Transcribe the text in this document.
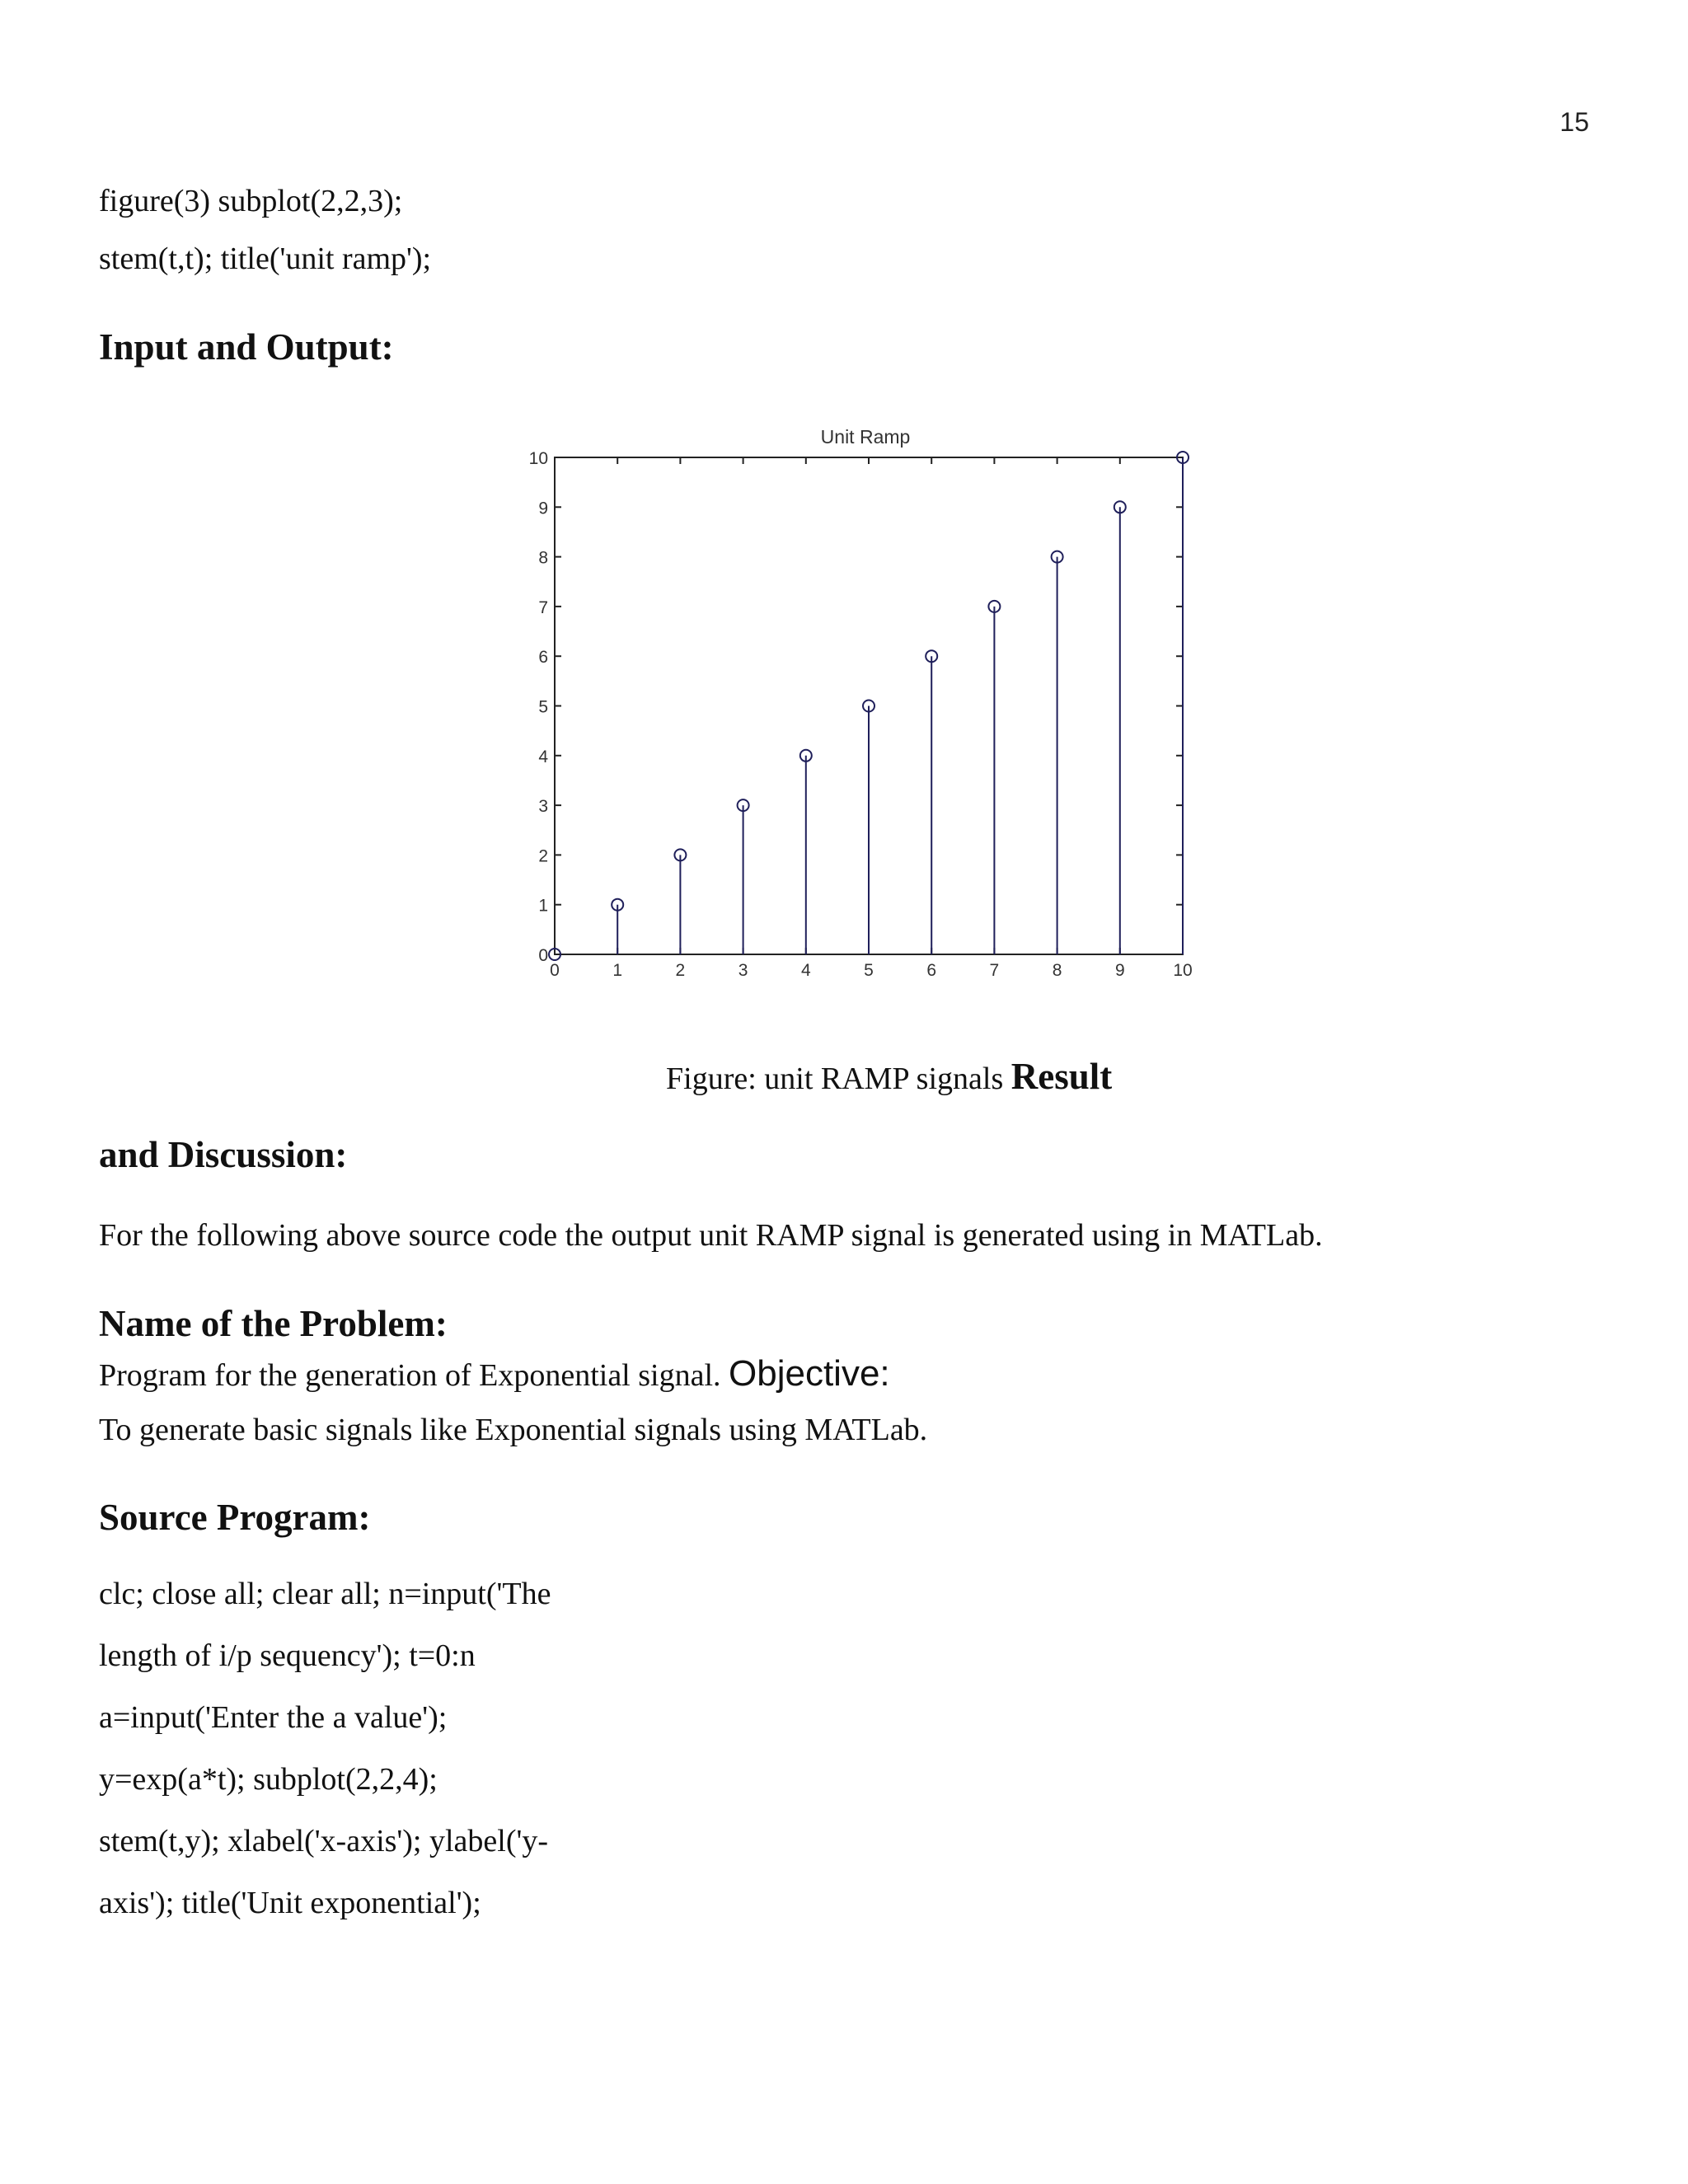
15
figure(3) subplot(2,2,3);
stem(t,t); title('unit ramp');
Input and Output:
Unit Ramp
0	1	2	3	4	5	6	7	8	9	10
0
1
2
3
4
5
6
7
8
9
10
Figure: unit RAMP signals Result
and Discussion:
For the following above source code the output unit RAMP signal is generated using in MATLab.
Name of the Problem:
Program for the generation of Exponential signal. Objective:
To generate basic signals like Exponential signals using MATLab.
Source Program:
clc; close all; clear all; n=input('The
length of i/p sequency'); t=0:n
a=input('Enter the a value');
y=exp(a*t); subplot(2,2,4);
stem(t,y); xlabel('x-axis'); ylabel('y-
axis'); title('Unit exponential');
